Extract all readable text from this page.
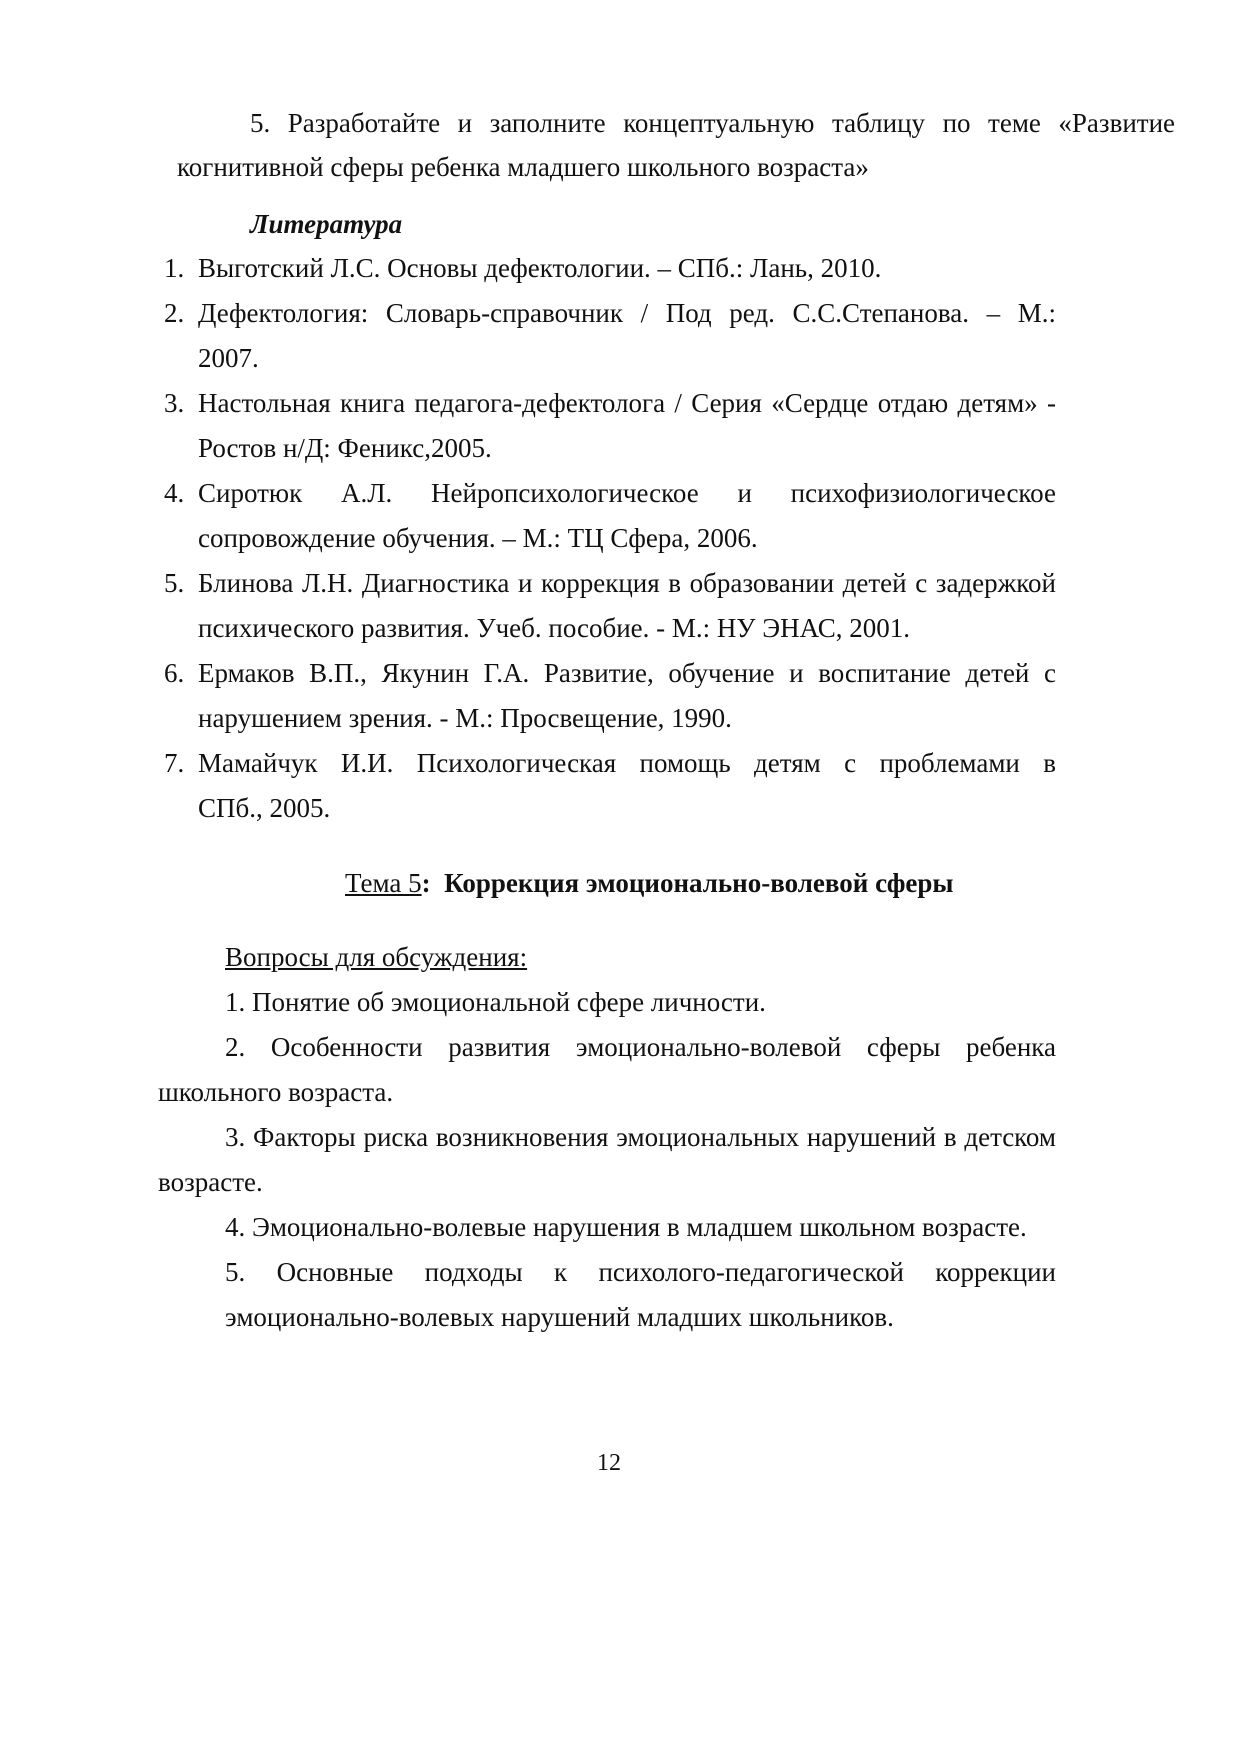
5. Разработайте и заполните концептуальную таблицу по теме «Развитие
когнитивной сферы ребенка младшего школьного возраста»
Литература
1. Выготский Л.С. Основы дефектологии. – СПб.: Лань, 2010.
2. Дефектология: Словарь-справочник / Под ред. С.С.Степанова. – М.:
2007.
3. Настольная книга педагога-дефектолога / Серия «Сердце отдаю детям» -
Ростов н/Д: Феникс,2005.
4. Сиротюк А.Л. Нейропсихологическое и психофизиологическое
сопровождение обучения. – М.: ТЦ Сфера, 2006.
5. Блинова Л.Н. Диагностика и коррекция в образовании детей с задержкой
психического развития. Учеб. пособие. - М.: НУ ЭНАС, 2001.
6. Ермаков В.П., Якунин Г.А. Развитие, обучение и воспитание детей с
нарушением зрения. - М.: Просвещение, 1990.
7. Мамайчук И.И. Психологическая помощь детям с проблемами в
СПб., 2005.
Тема 5: Коррекция эмоционально-волевой сферы
Вопросы для обсуждения:
1. Понятие об эмоциональной сфере личности.
2. Особенности развития эмоционально-волевой сферы ребенка
школьного возраста.
3. Факторы риска возникновения эмоциональных нарушений в детском
возрасте.
4. Эмоционально-волевые нарушения в младшем школьном возрасте.
5. Основные подходы к психолого-педагогической коррекции
эмоционально-волевых нарушений младших школьников.
12
